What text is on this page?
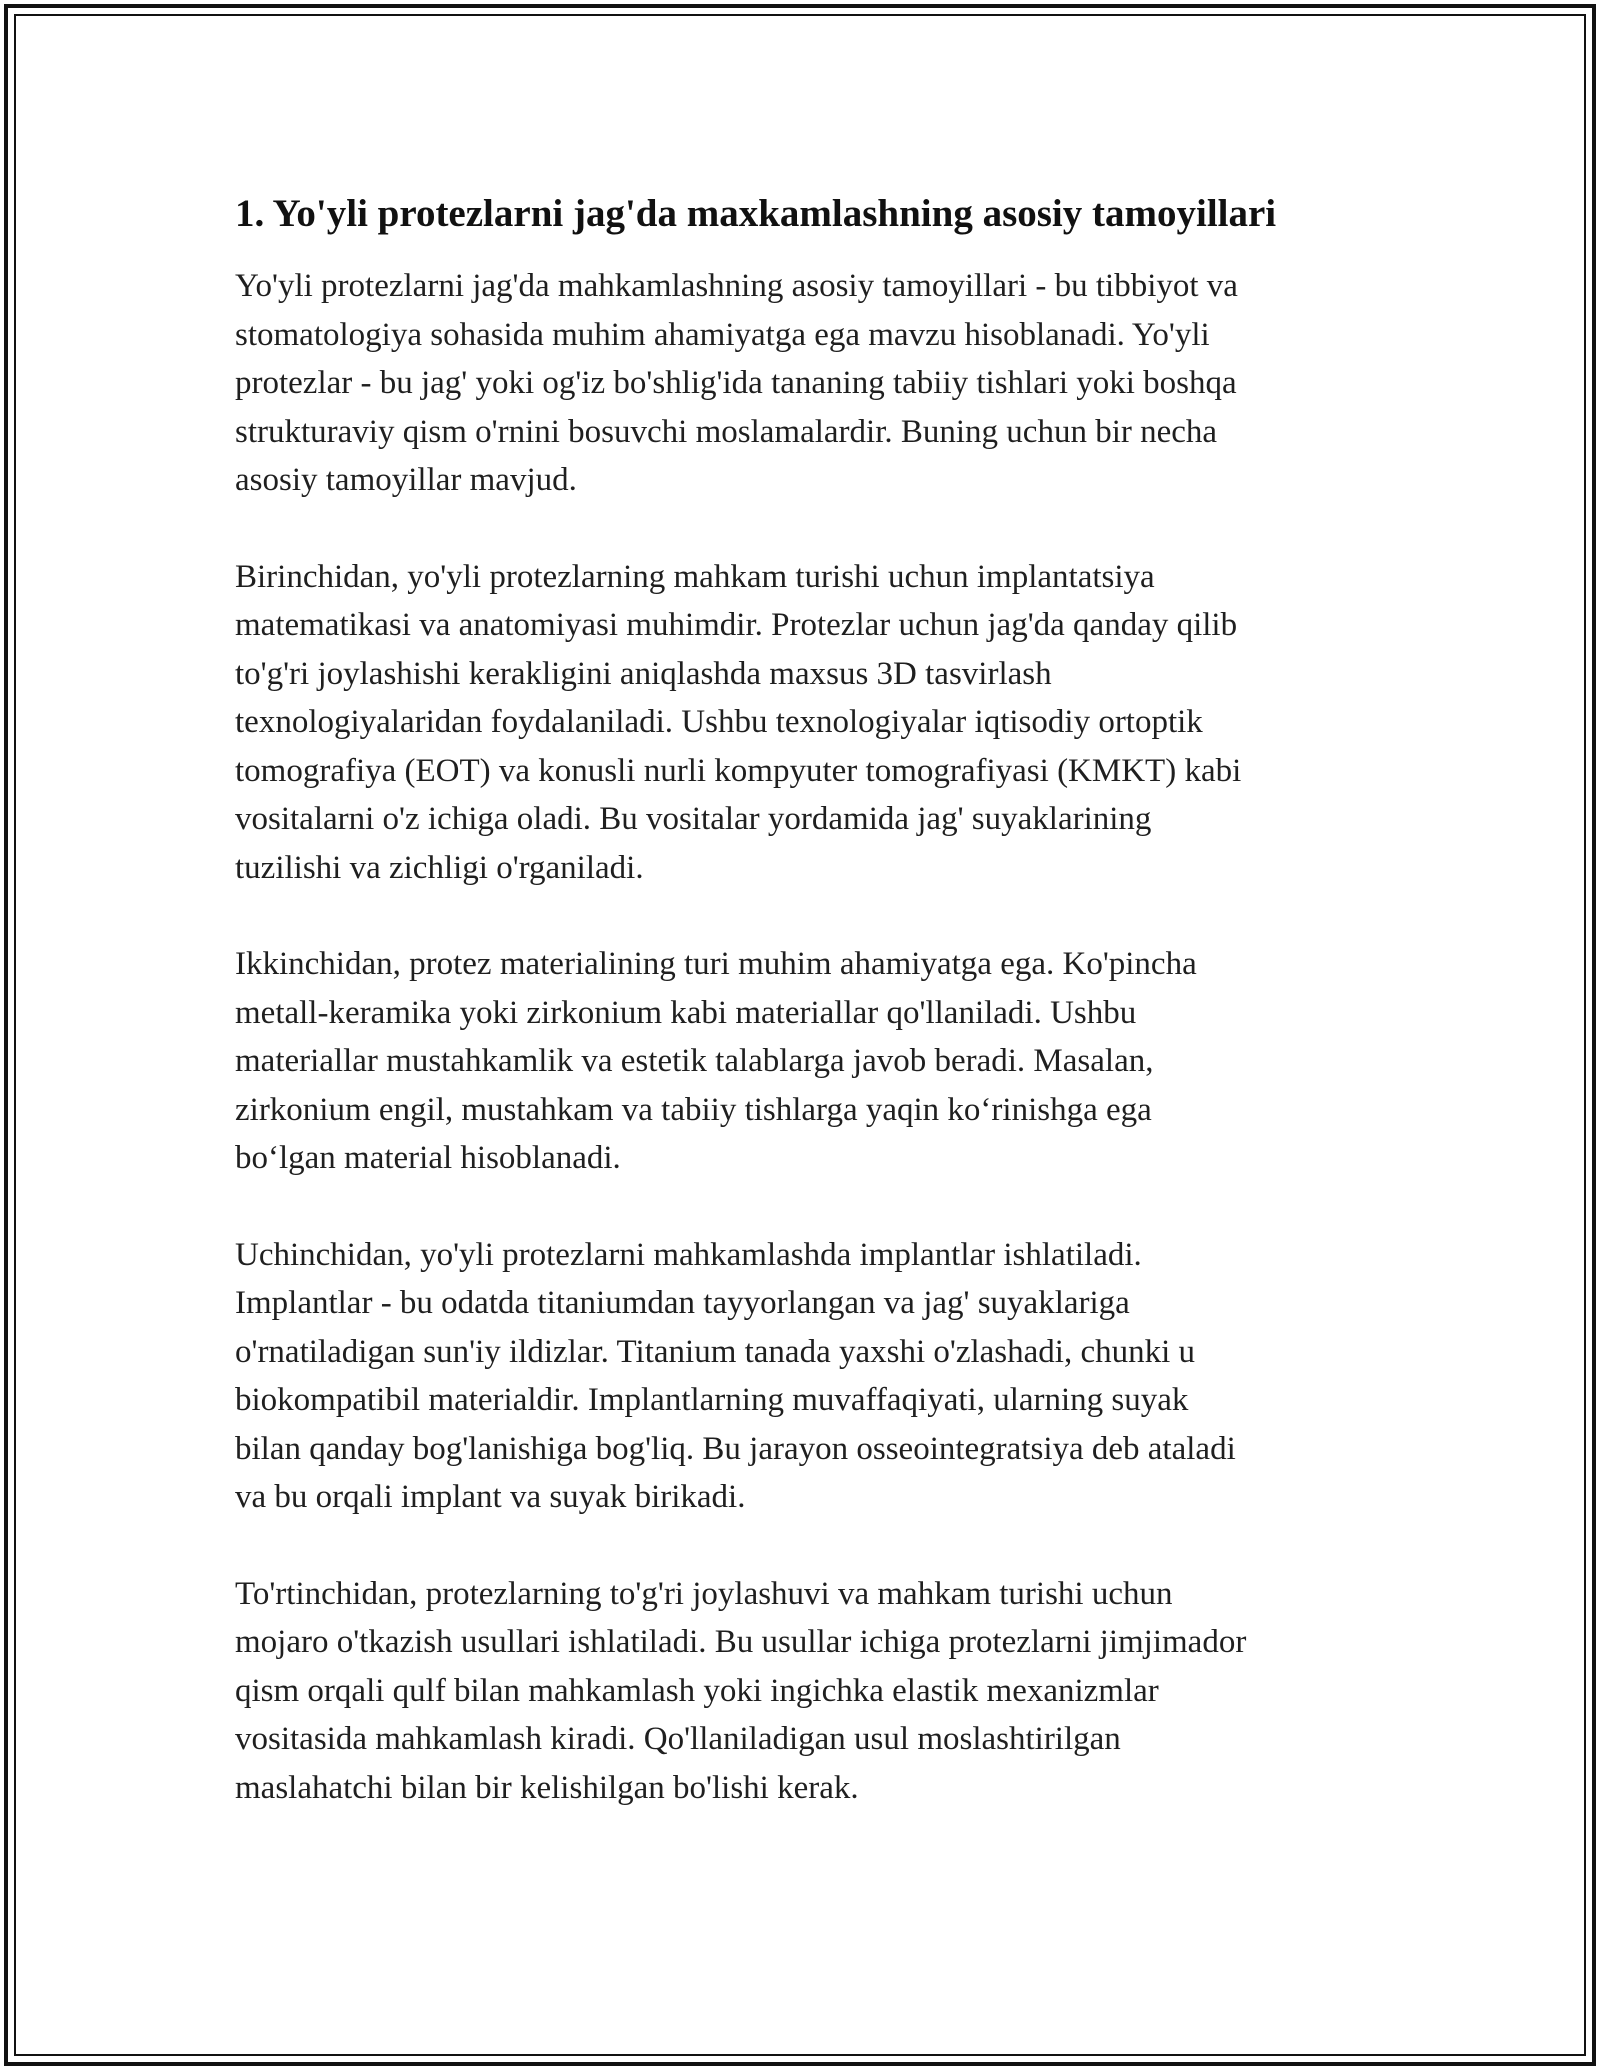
1. Yo'yli protezlarni jag'da maxkamlashning asosiy tamoyillari

Yo'yli protezlarni jag'da mahkamlashning asosiy tamoyillari - bu tibbiyot va
stomatologiya sohasida muhim ahamiyatga ega mavzu hisoblanadi. Yo'yli
protezlar - bu jag' yoki og'iz bo'shlig'ida tananing tabiiy tishlari yoki boshqa
strukturaviy qism o'rnini bosuvchi moslamalardir. Buning uchun bir necha
asosiy tamoyillar mavjud.

Birinchidan, yo'yli protezlarning mahkam turishi uchun implantatsiya
matematikasi va anatomiyasi muhimdir. Protezlar uchun jag'da qanday qilib
to'g'ri joylashishi kerakligini aniqlashda maxsus 3D tasvirlash
texnologiyalaridan foydalaniladi. Ushbu texnologiyalar iqtisodiy ortoptik
tomografiya (EOT) va konusli nurli kompyuter tomografiyasi (KMKT) kabi
vositalarni o'z ichiga oladi. Bu vositalar yordamida jag' suyaklarining
tuzilishi va zichligi o'rganiladi.

Ikkinchidan, protez materialining turi muhim ahamiyatga ega. Ko'pincha
metall-keramika yoki zirkonium kabi materiallar qo'llaniladi. Ushbu
materiallar mustahkamlik va estetik talablarga javob beradi. Masalan,
zirkonium engil, mustahkam va tabiiy tishlarga yaqin ko‘rinishga ega
bo‘lgan material hisoblanadi.

Uchinchidan, yo'yli protezlarni mahkamlashda implantlar ishlatiladi.
Implantlar - bu odatda titaniumdan tayyorlangan va jag' suyaklariga
o'rnatiladigan sun'iy ildizlar. Titanium tanada yaxshi o'zlashadi, chunki u
biokompatibil materialdir. Implantlarning muvaffaqiyati, ularning suyak
bilan qanday bog'lanishiga bog'liq. Bu jarayon osseointegratsiya deb ataladi
va bu orqali implant va suyak birikadi.

To'rtinchidan, protezlarning to'g'ri joylashuvi va mahkam turishi uchun
mojaro o'tkazish usullari ishlatiladi. Bu usullar ichiga protezlarni jimjimador
qism orqali qulf bilan mahkamlash yoki ingichka elastik mexanizmlar
vositasida mahkamlash kiradi. Qo'llaniladigan usul moslashtirilgan
maslahatchi bilan bir kelishilgan bo'lishi kerak.
